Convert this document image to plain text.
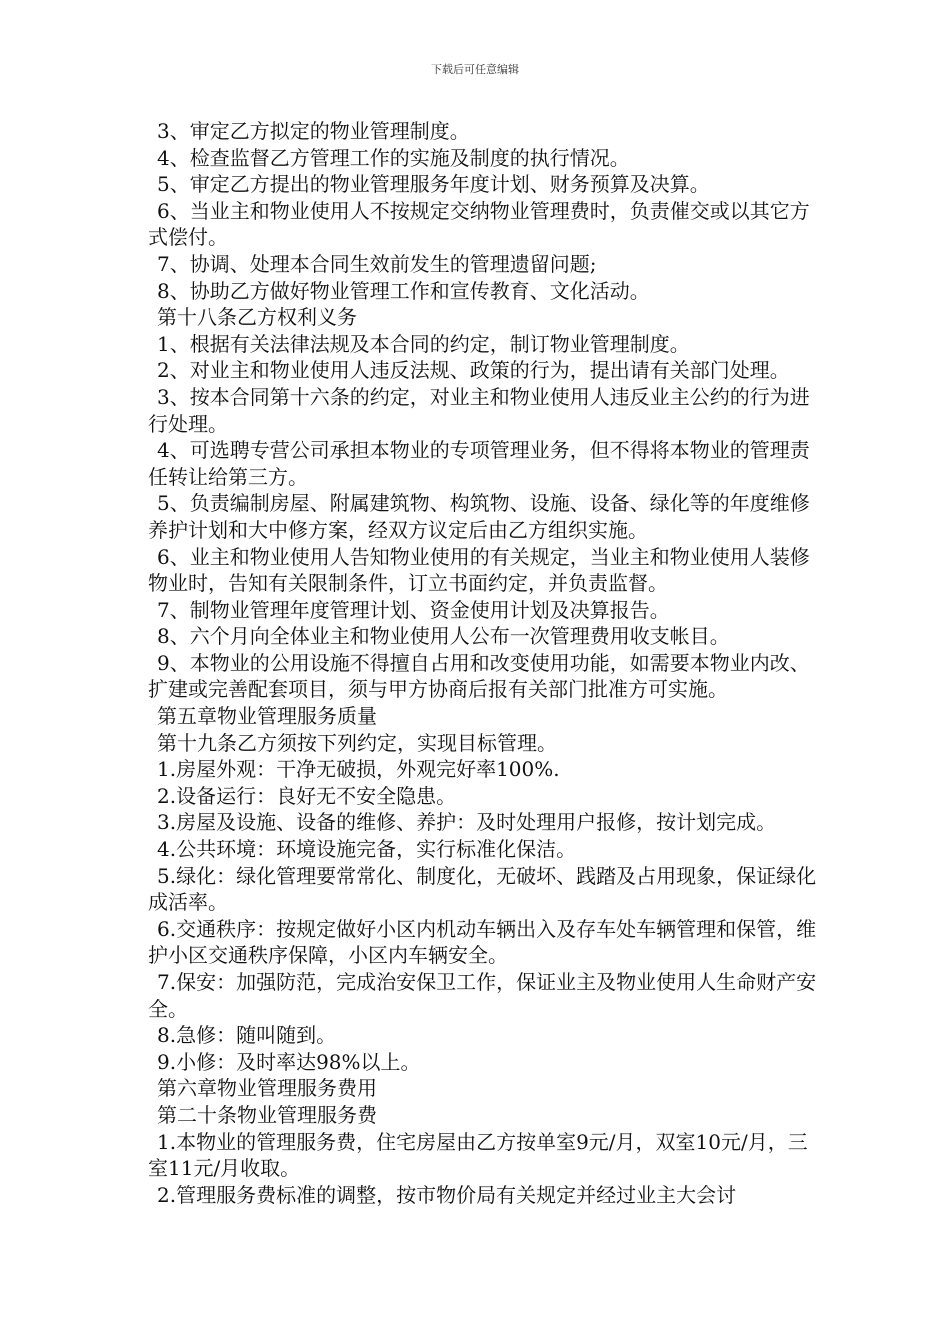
下载后可任意编辑

3、审定乙方拟定的物业管理制度。

4、检查监督乙方管理工作的实施及制度的执行情况。

5、审定乙方提出的物业管理服务年度计划、财务预算及决算。

6、当业主和物业使用人不按规定交纳物业管理费时，负责催交或以其它方式偿付。

7、协调、处理本合同生效前发生的管理遗留问题;

8、协助乙方做好物业管理工作和宣传教育、文化活动。

第十八条乙方权利义务

1、根据有关法律法规及本合同的约定，制订物业管理制度。

2、对业主和物业使用人违反法规、政策的行为，提出请有关部门处理。

3、按本合同第十六条的约定，对业主和物业使用人违反业主公约的行为进行处理。

4、可选聘专营公司承担本物业的专项管理业务，但不得将本物业的管理责任转让给第三方。

5、负责编制房屋、附属建筑物、构筑物、设施、设备、绿化等的年度维修养护计划和大中修方案，经双方议定后由乙方组织实施。

6、业主和物业使用人告知物业使用的有关规定，当业主和物业使用人装修物业时，告知有关限制条件，订立书面约定，并负责监督。

7、制物业管理年度管理计划、资金使用计划及决算报告。

8、六个月向全体业主和物业使用人公布一次管理费用收支帐目。

9、本物业的公用设施不得擅自占用和改变使用功能，如需要本物业内改、扩建或完善配套项目，须与甲方协商后报有关部门批准方可实施。

第五章物业管理服务质量

第十九条乙方须按下列约定，实现目标管理。

1.房屋外观：干净无破损，外观完好率100%.

2.设备运行：良好无不安全隐患。

3.房屋及设施、设备的维修、养护：及时处理用户报修，按计划完成。

4.公共环境：环境设施完备，实行标准化保洁。

5.绿化：绿化管理要常常化、制度化，无破坏、践踏及占用现象，保证绿化成活率。

6.交通秩序：按规定做好小区内机动车辆出入及存车处车辆管理和保管，维护小区交通秩序保障，小区内车辆安全。

7.保安：加强防范，完成治安保卫工作，保证业主及物业使用人生命财产安全。

8.急修：随叫随到。

9.小修：及时率达98%以上。

第六章物业管理服务费用

第二十条物业管理服务费

1.本物业的管理服务费，住宅房屋由乙方按单室9元/月，双室10元/月，三室11元/月收取。

2.管理服务费标准的调整，按市物价局有关规定并经过业主大会讨
